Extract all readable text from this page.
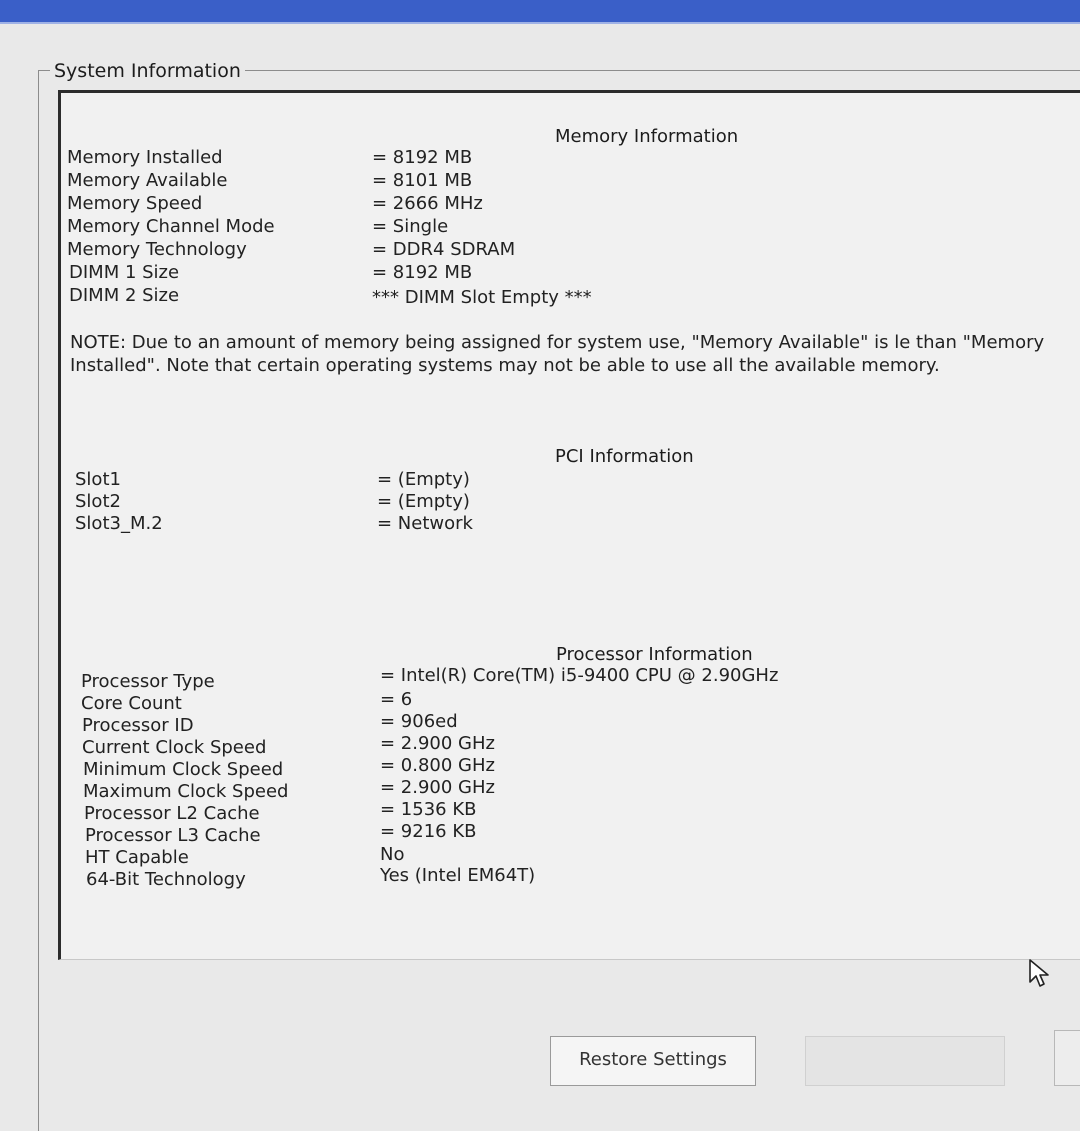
System Information
Memory Information
Memory Installed	= 8192 MB
Memory Available	= 8101 MB
Memory Speed	= 2666 MHz
Memory Channel Mode	= Single
Memory Technology	= DDR4 SDRAM
DIMM 1 Size	= 8192 MB
DIMM 2 Size	*** DIMM Slot Empty ***
NOTE: Due to an amount of memory being assigned for system use, "Memory Available" is le than "Memory Installed". Note that certain operating systems may not be able to use all the available memory.
PCI Information
Slot1	= (Empty)
Slot2	= (Empty)
Slot3_M.2	= Network
Processor Information
Processor Type	= Intel(R) Core(TM) i5-9400 CPU @ 2.90GHz
Core Count	= 6
Processor ID	= 906ed
Current Clock Speed	= 2.900 GHz
Minimum Clock Speed	= 0.800 GHz
Maximum Clock Speed	= 2.900 GHz
Processor L2 Cache	= 1536 KB
Processor L3 Cache	= 9216 KB
HT Capable	No
64-Bit Technology	Yes (Intel EM64T)
Restore Settings
